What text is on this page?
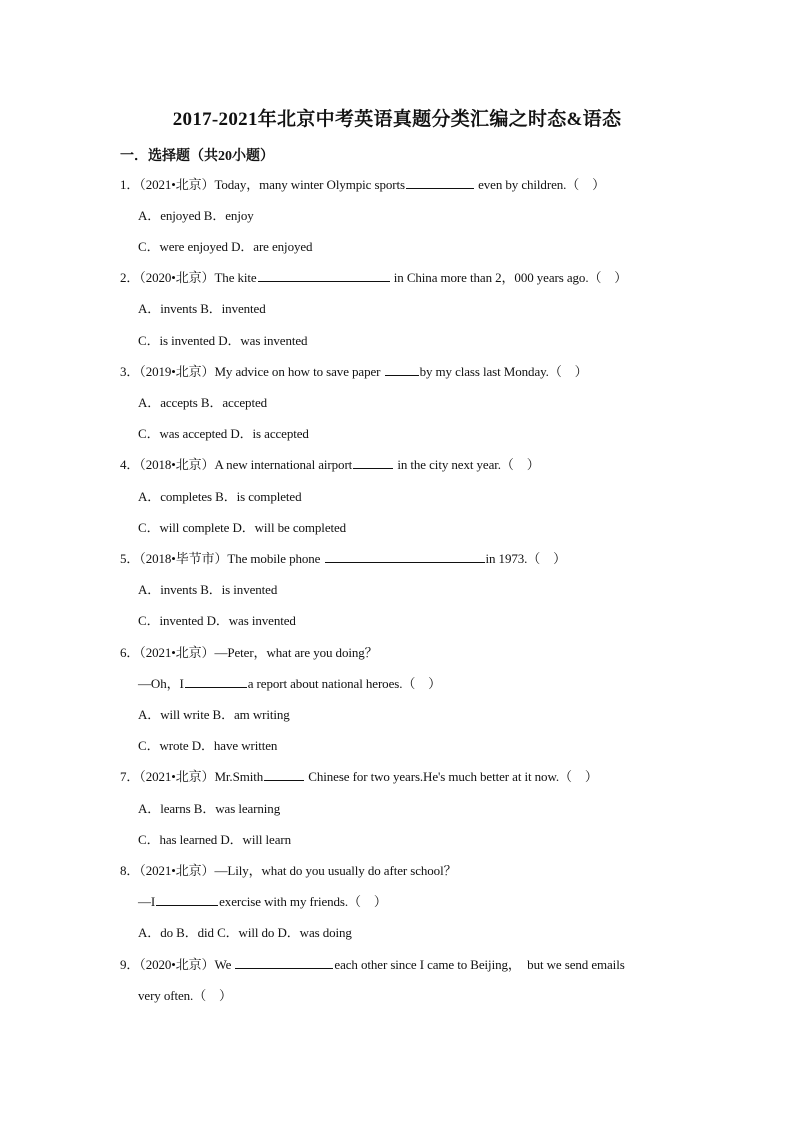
2017-2021年北京中考英语真题分类汇编之时态&语态
一．选择题（共20小题）
1．（2021•北京）Today，many winter Olympic sports	even by children.（　）
A．enjoyed B．enjoy
C．were enjoyed D．are enjoyed
2．（2020•北京）The kite	in China more than 2，000 years ago.（　）
A．invents B．invented
C．is invented D．was invented
3．（2019•北京）My advice on how to save paper	by my class last Monday.（　）
A．accepts B．accepted
C．was accepted D．is accepted
4．（2018•北京）A new international airport	in the city next year.（　）
A．completes B．is completed
C．will complete D．will be completed
5．（2018•毕节市）The mobile phone	in 1973.（　）
A．invents B．is invented
C．invented D．was invented
6．（2021•北京）—Peter，what are you doing？
—Oh，I	a report about national heroes.（　）
A．will write B．am writing
C．wrote D．have written
7．（2021•北京）Mr.Smith	Chinese for two years.He's much better at it now.（　）
A．learns B．was learning
C．has learned D．will learn
8．（2021•北京）—Lily，what do you usually do after school？
—I	exercise with my friends.（　）
A．do B．did C．will do D．was doing
9．（2020•北京）We	each other since I came to Beijing，　but we send emails
very often.（　）
